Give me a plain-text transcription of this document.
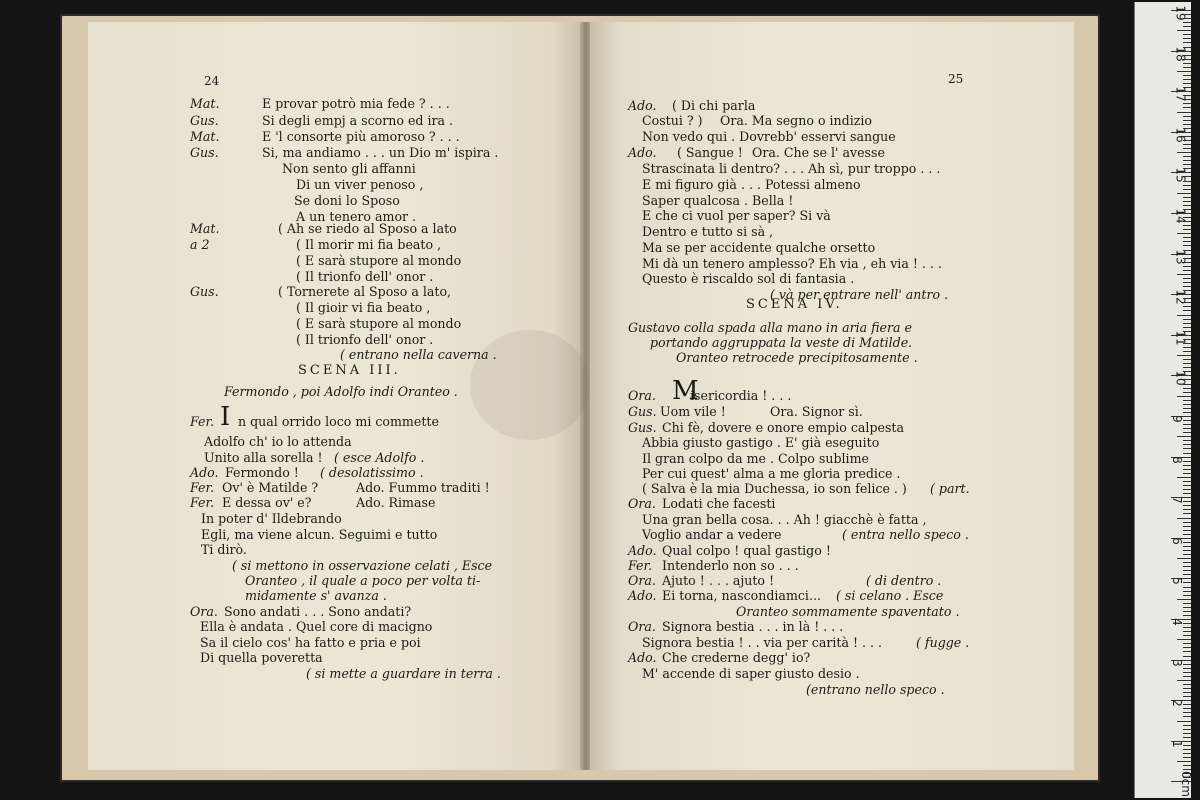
24
Mat.	E provar potrò mia fede ? . . .
Gus.	Si degli empj a scorno ed ira .
Mat.	E 'l consorte più amoroso ? . . .
Gus.	Si, ma andiamo . . . un Dio m' ispira .
Non sento gli affanni
Di un viver penoso ,
Se doni lo Sposo
A un tenero amor .
Mat.	( Ah se riedo al Sposo a lato
a 2	( Il morir mi fia beato ,
( E sarà stupore al mondo
( Il trionfo dell' onor .
Gus.	( Tornerete al Sposo a lato,
( Il gioir vi fia beato ,
( E sarà stupore al mondo
( Il trionfo dell' onor .
( entrano nella caverna .
SCENA III.
Fermondo , poi Adolfo indi Oranteo .
Fer. I n qual orrido loco mi commette
Adolfo ch' io lo attenda
Unito alla sorella ! ( esce Adolfo .
Ado. Fermondo ! ( desolatissimo .
Fer. Ov' è Matilde ?	Ado. Fummo traditi !
Fer. E dessa ov' e?	Ado. Rimase
In poter d' Ildebrando
Egli, ma viene alcun. Seguimi e tutto
Ti dirò.
( si mettono in osservazione celati , Esce
Oranteo , il quale a poco per volta ti-
midamente s' avanza .
Ora. Sono andati . . . Sono andati?
Ella è andata . Quel core di macigno
Sa il cielo cos' ha fatto e pria e poi
Di quella poveretta
( si mette a guardare in terra .
25
Ado. ( Di chi parla
Costui ? ) Ora. Ma segno o indizio
Non vedo qui . Dovrebb' esservi sangue
Ado. ( Sangue ! Ora. Che se l' avesse
Strascinata li dentro? . . . Ah sì, pur troppo . . .
E mi figuro già . . . Potessi almeno
Saper qualcosa . Bella !
E che ci vuol per saper? Si và
Dentro e tutto si sà ,
Ma se per accidente qualche orsetto
Mi dà un tenero amplesso? Eh via , eh via ! . . .
Questo è riscaldo sol di fantasia .
( và per entrare nell' antro .
SCENA IV.
Gustavo colla spada alla mano in aria fiera e
portando aggruppata la veste di Matilde.
Oranteo retrocede precipitosamente .
Ora. M
isericordia ! . . .
Gus. Uom vile !	Ora. Signor sì.
Gus. Chi fè, dovere e onore empio calpesta
Abbia giusto gastigo . E' già eseguito
Il gran colpo da me . Colpo sublime
Per cui quest' alma a me gloria predice .
( Salva è la mia Duchessa, io son felice . ) ( part.
Ora. Lodati che facesti
Una gran bella cosa. . . Ah ! giacchè è fatta ,
Voglio andar a vedere	( entra nello speco .
Ado. Qual colpo ! qual gastigo !
Fer. Intenderlo non so . . .
Ora. Ajuto ! . . . ajuto !	( di dentro .
Ado. Ei torna, nascondiamci... ( si celano . Esce
Oranteo sommamente spaventato .
Ora. Signora bestia . . . in là ! . . .
Signora bestia ! . . via per carità ! . . .	( fugge .
Ado. Che crederne degg' io?
M' accende di saper giusto desio .
(entrano nello speco .
19
18
17
16
15
14
13
12
11
10
9
8
7
6
5
4
3
2
1
0cm
